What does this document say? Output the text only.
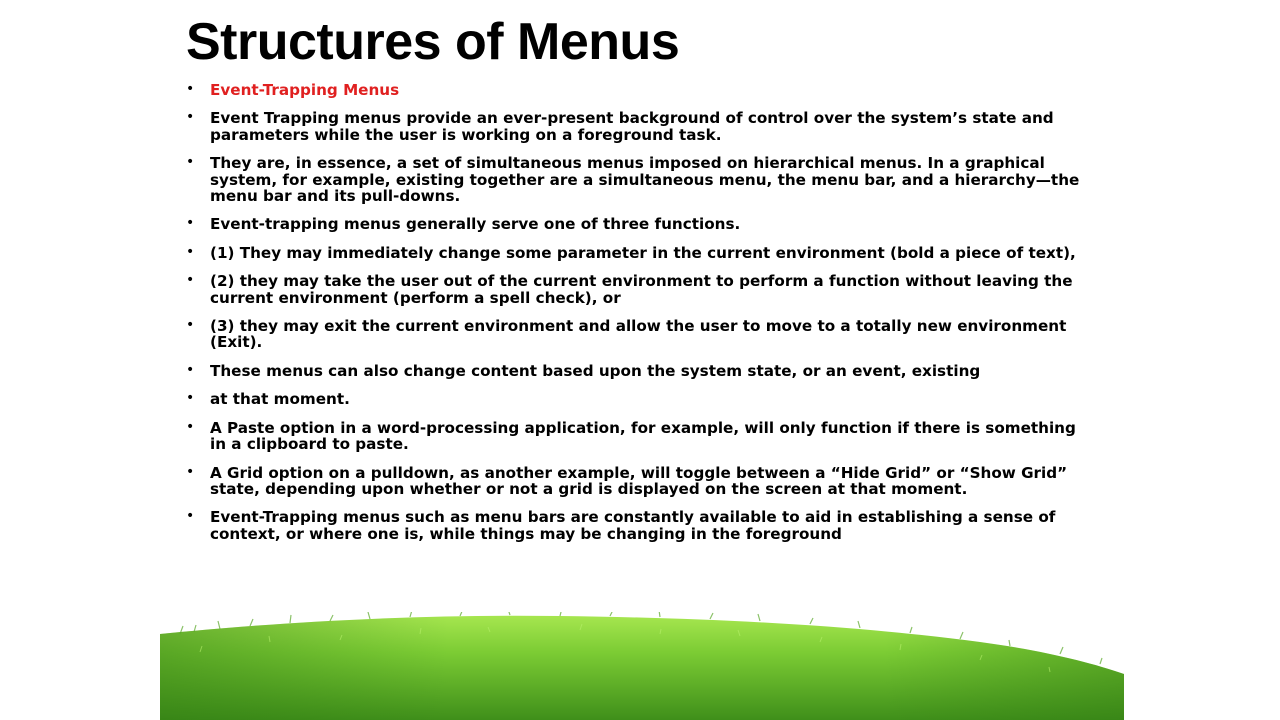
Structures of Menus
• Event-Trapping Menus
• Event Trapping menus provide an ever-present background of control over the system’s state and parameters while the user is working on a foreground task.
• They are, in essence, a set of simultaneous menus imposed on hierarchical menus. In a graphical system, for example, existing together are a simultaneous menu, the menu bar, and a hierarchy—the menu bar and its pull-downs.
• Event-trapping menus generally serve one of three functions.
• (1) They may immediately change some parameter in the current environment (bold a piece of text),
• (2) they may take the user out of the current environment to perform a function without leaving the current environment (perform a spell check), or
• (3) they may exit the current environment and allow the user to move to a totally new environment (Exit).
• These menus can also change content based upon the system state, or an event, existing
• at that moment.
• A Paste option in a word-processing application, for example, will only function if there is something in a clipboard to paste.
• A Grid option on a pulldown, as another example, will toggle between a “Hide Grid” or “Show Grid” state, depending upon whether or not a grid is displayed on the screen at that moment.
• Event-Trapping menus such as menu bars are constantly available to aid in establishing a sense of context, or where one is, while things may be changing in the foreground
